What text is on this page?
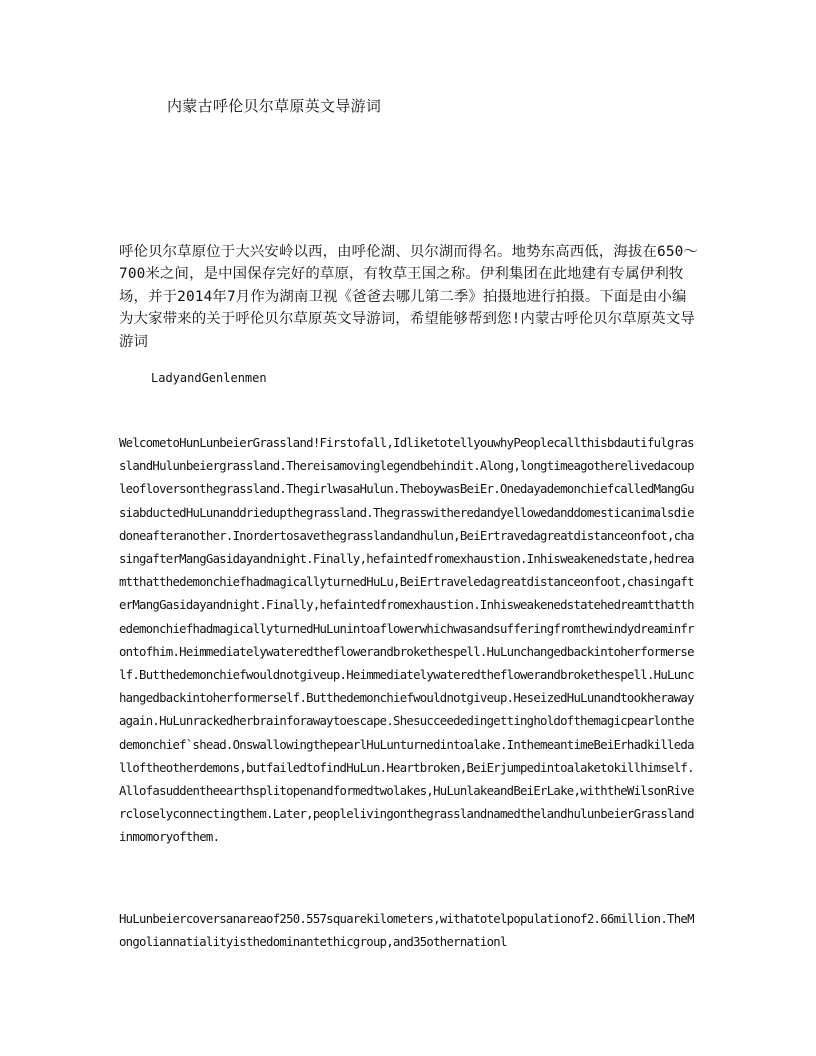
内蒙古呼伦贝尔草原英文导游词
呼伦贝尔草原位于大兴安岭以西，由呼伦湖、贝尔湖而得名。地势东高西低，海拔在650～700米之间，是中国保存完好的草原，有牧草王国之称。伊利集团在此地建有专属伊利牧场，并于2014年7月作为湖南卫视《爸爸去哪儿第二季》拍摄地进行拍摄。下面是由小编为大家带来的关于呼伦贝尔草原英文导游词，希望能够帮到您!内蒙古呼伦贝尔草原英文导游词
LadyandGenlenmen
WelcometoHunLunbeierGrassland!Firstofall,IdliketotellyouwhyPeoplecallthisbdautifulgrasslandHulunbeiergrassland.Thereisamovinglegendbehindit.Along,longtimeagotherelivedacoupleofloversonthegrassland.ThegirlwasaHulun.TheboywasBeiEr.OnedayademonchiefcalledMangGusiabductedHuLunanddriedupthegrassland.Thegrasswitheredandyellowedanddomesticanimalsdiedoneafteranother.Inordertosavethegrasslandandhulun,BeiErtravedagreatdistanceonfoot,chasingafterMangGasidayandnight.Finally,hefaintedfromexhaustion.Inhisweakenedstate,hedreamtthatthedemonchiefhadmagicallyturnedHuLu,BeiErtraveledagreatdistanceonfoot,chasingafterMangGasidayandnight.Finally,hefaintedfromexhaustion.InhisweakenedstatehedreamtthatthedemonchiefhadmagicallyturnedHuLunintoaflowerwhichwasandsufferingfromthewindydreaminfrontofhim.Heimmediatelywateredtheflowerandbrokethespell.HuLunchangedbackintoherformerself.Butthedemonchiefwouldnotgiveup.Heimmediatelywateredtheflowerandbrokethespell.HuLunchangedbackintoherformerself.Butthedemonchiefwouldnotgiveup.HeseizedHuLunandtookherawayagain.HuLunrackedherbrainforawaytoescape.Shesucceededingettingholdofthemagicpearlonthedemonchief`shead.OnswallowingthepearlHuLunturnedintoalake.InthemeantimeBeiErhadkilledalloftheotherdemons,butfailedtofindHuLun.Heartbroken,BeiErjumpedintoalaketokillhimself.Allofasuddentheearthsplitopenandformedtwolakes,HuLunlakeandBeiErLake,withtheWilsonRivercloselyconnectingthem.Later,peoplelivingonthegrasslandnamedthelandhulunbeierGrasslandinmomoryofthem.
HuLunbeiercoversanareaof250.557squarekilometers,withatotelpopulationof2.66million.TheMongoliannatialityisthedominantethicgroup,and35othernationl
